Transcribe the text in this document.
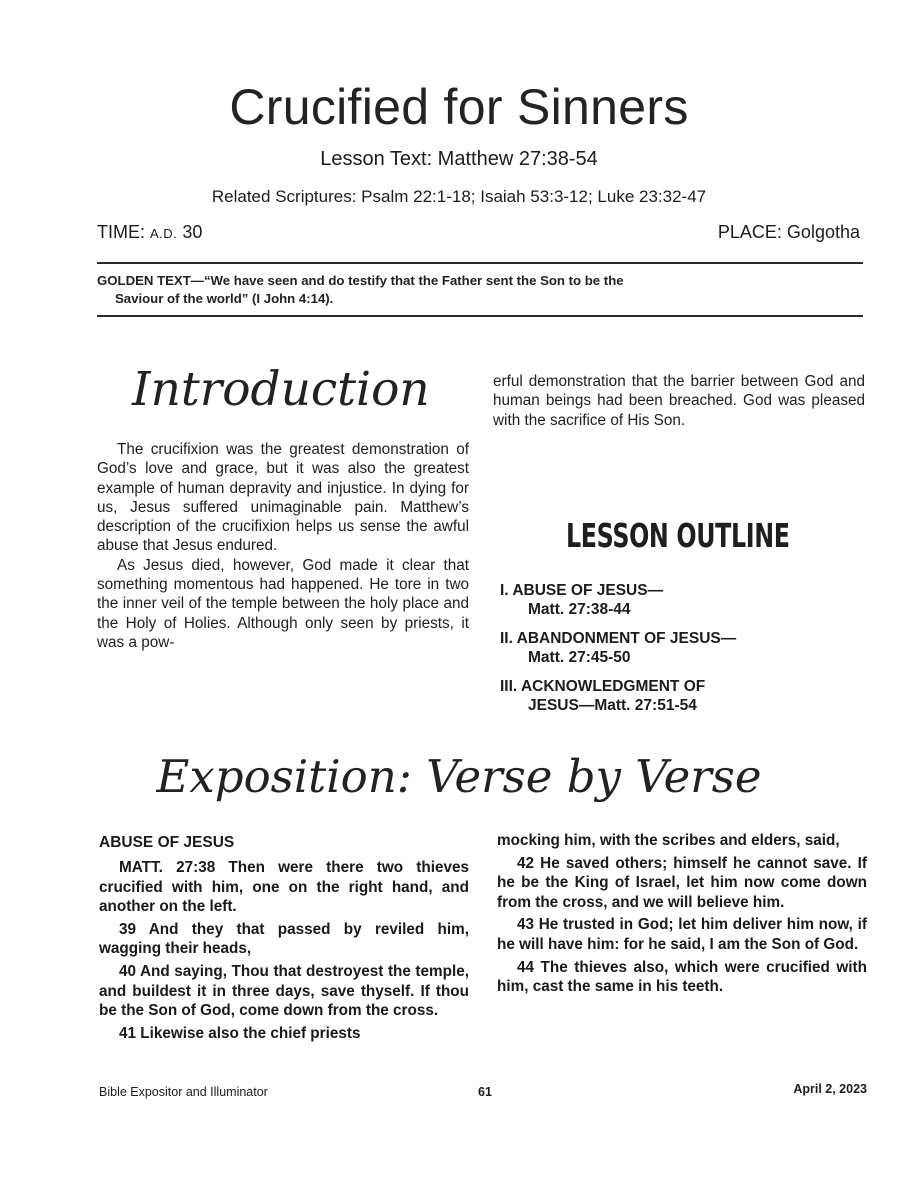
Crucified for Sinners
Lesson Text: Matthew 27:38-54
Related Scriptures: Psalm 22:1-18; Isaiah 53:3-12; Luke 23:32-47
TIME: A.D. 30	PLACE: Golgotha
GOLDEN TEXT—“We have seen and do testify that the Father sent the Son to be the
Saviour of the world” (I John 4:14).
Introduction

The crucifixion was the greatest demonstration of God’s love and grace, but it was also the greatest example of human depravity and injustice. In dying for us, Jesus suffered unimaginable pain. Matthew’s description of the crucifixion helps us sense the awful abuse that Jesus endured.

As Jesus died, however, God made it clear that something momentous had happened. He tore in two the inner veil of the temple between the holy place and the Holy of Holies. Although only seen by priests, it was a pow-

erful demonstration that the barrier between God and human beings had been breached. God was pleased with the sacrifice of His Son.

LESSON OUTLINE
I. ABUSE OF JESUS—
Matt. 27:38-44
II. ABANDONMENT OF JESUS—
Matt. 27:45-50
III. ACKNOWLEDGMENT OF
JESUS—Matt. 27:51-54
Exposition: Verse by Verse
ABUSE OF JESUS

MATT. 27:38 Then were there two thieves crucified with him, one on the right hand, and another on the left.

39 And they that passed by reviled him, wagging their heads,

40 And saying, Thou that destroyest the temple, and buildest it in three days, save thyself. If thou be the Son of God, come down from the cross.

41 Likewise also the chief priests

mocking him, with the scribes and elders, said,

42 He saved others; himself he cannot save. If he be the King of Israel, let him now come down from the cross, and we will believe him.

43 He trusted in God; let him deliver him now, if he will have him: for he said, I am the Son of God.

44 The thieves also, which were crucified with him, cast the same in his teeth.

Bible Expositor and Illuminator	61	April 2, 2023
